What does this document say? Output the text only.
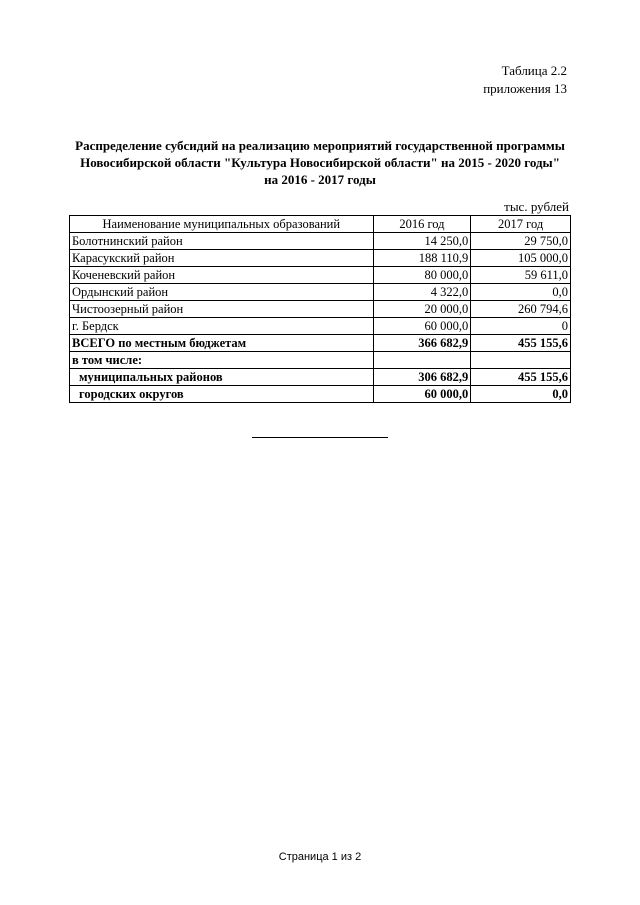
Таблица 2.2
приложения 13
Распределение субсидий на реализацию мероприятий государственной программы
Новосибирской области "Культура Новосибирской области" на 2015 - 2020 годы"
на 2016 - 2017 годы
тыс. рублей
Наименование муниципальных образований	2016 год	2017 год
Болотнинский район	14 250,0	29 750,0
Карасукский район	188 110,9	105 000,0
Коченевский район	80 000,0	59 611,0
Ордынский район	4 322,0	0,0
Чистоозерный район	20 000,0	260 794,6
г. Бердск	60 000,0	0
ВСЕГО по местным бюджетам	366 682,9	455 155,6
в том числе:		
муниципальных районов	306 682,9	455 155,6
городских округов	60 000,0	0,0
Страница 1 из 2
